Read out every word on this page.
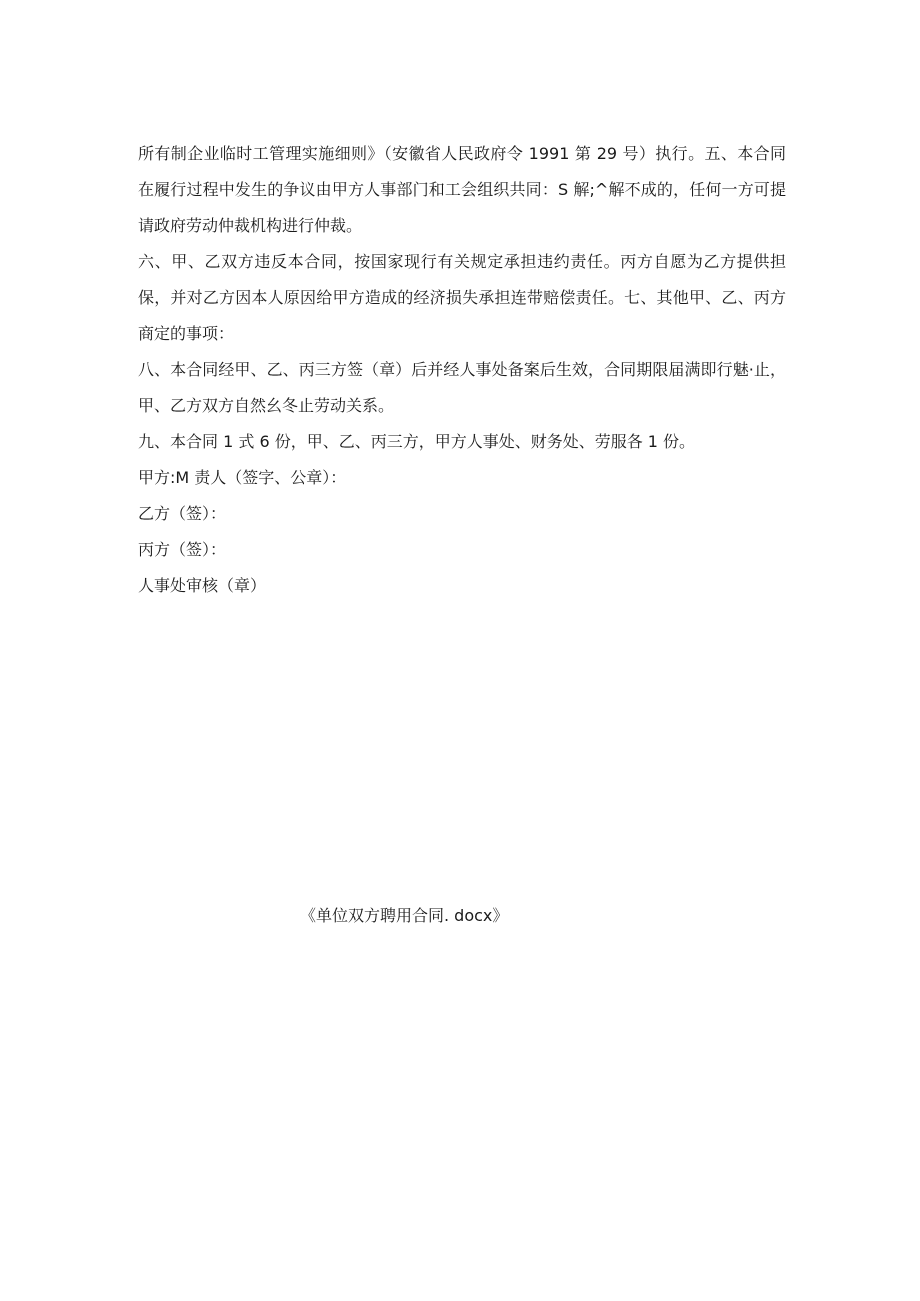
所有制企业临时工管理实施细则》（安徽省人民政府令 1991 第 29 号）执行。五、本合同在履行过程中发生的争议由甲方人事部门和工会组织共同：S 解;^解不成的，任何一方可提请政府劳动仲裁机构进行仲裁。

六、甲、乙双方违反本合同，按国家现行有关规定承担违约责任。丙方自愿为乙方提供担保，并对乙方因本人原因给甲方造成的经济损失承担连带赔偿责任。七、其他甲、乙、丙方商定的事项：

八、本合同经甲、乙、丙三方签（章）后并经人事处备案后生效，合同期限届满即行魅·止，甲、乙方双方自然幺冬止劳动关系。

九、本合同 1 式 6 份，甲、乙、丙三方，甲方人事处、财务处、劳服各 1 份。

甲方:M 责人（签字、公章）：

乙方（签）：

丙方（签）：

人事处审核（章）

《单位双方聘用合同. docx》
